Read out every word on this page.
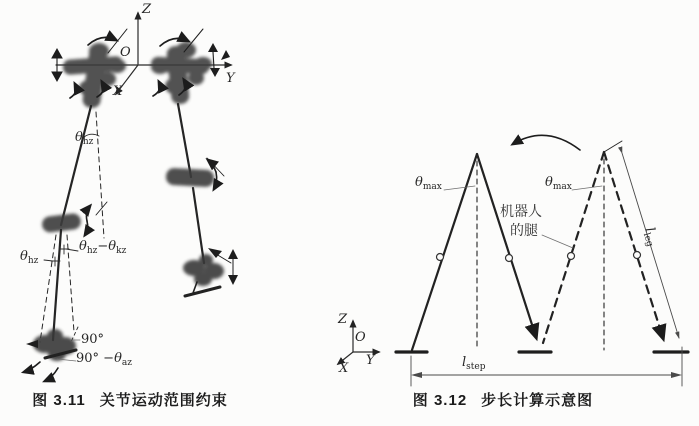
Z
O
Y
X
$\theta_{hz}$
$\theta_{hz}$
$\theta_{hz}-\theta_{kz}$
90°
$90^\circ -\theta_{az}$
图 3.11 关节运动范围约束
$\theta_{max}$	$\theta_{max}$
机器人
的腿	$l_{leg}$
$l_{step}$
Z
O
Y
X
图 3.12 步长计算示意图
